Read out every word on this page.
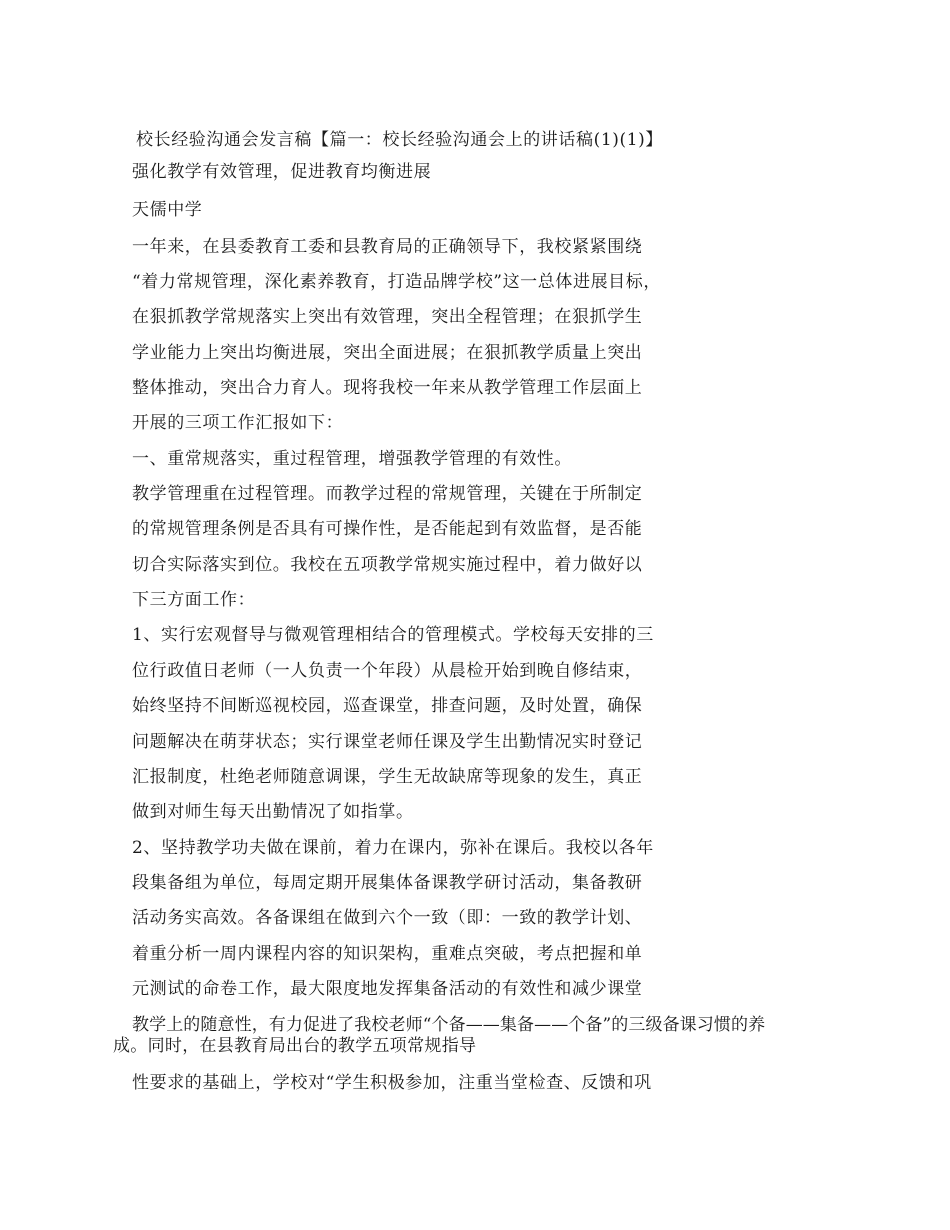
校长经验沟通会发言稿【篇一：校长经验沟通会上的讲话稿(1)(1)】
强化教学有效管理，促进教育均衡进展
天儒中学
一年来，在县委教育工委和县教育局的正确领导下，我校紧紧围绕
“着力常规管理，深化素养教育，打造品牌学校”这一总体进展目标，
在狠抓教学常规落实上突出有效管理，突出全程管理；在狠抓学生
学业能力上突出均衡进展，突出全面进展；在狠抓教学质量上突出
整体推动，突出合力育人。现将我校一年来从教学管理工作层面上
开展的三项工作汇报如下：
一、重常规落实，重过程管理，增强教学管理的有效性。
教学管理重在过程管理。而教学过程的常规管理，关键在于所制定
的常规管理条例是否具有可操作性，是否能起到有效监督，是否能
切合实际落实到位。我校在五项教学常规实施过程中，着力做好以
下三方面工作：
1、实行宏观督导与微观管理相结合的管理模式。学校每天安排的三
位行政值日老师（一人负责一个年段）从晨检开始到晚自修结束，
始终坚持不间断巡视校园，巡查课堂，排查问题，及时处置，确保
问题解决在萌芽状态；实行课堂老师任课及学生出勤情况实时登记
汇报制度，杜绝老师随意调课，学生无故缺席等现象的发生，真正
做到对师生每天出勤情况了如指掌。
2、坚持教学功夫做在课前，着力在课内，弥补在课后。我校以各年
段集备组为单位，每周定期开展集体备课教学研讨活动，集备教研
活动务实高效。各备课组在做到六个一致（即：一致的教学计划、
着重分析一周内课程内容的知识架构，重难点突破，考点把握和单
元测试的命卷工作，最大限度地发挥集备活动的有效性和减少课堂
教学上的随意性，有力促进了我校老师“个备——集备——个备”的三级备课习惯的养
成。同时，在县教育局出台的教学五项常规指导
性要求的基础上，学校对“学生积极参加，注重当堂检查、反馈和巩
